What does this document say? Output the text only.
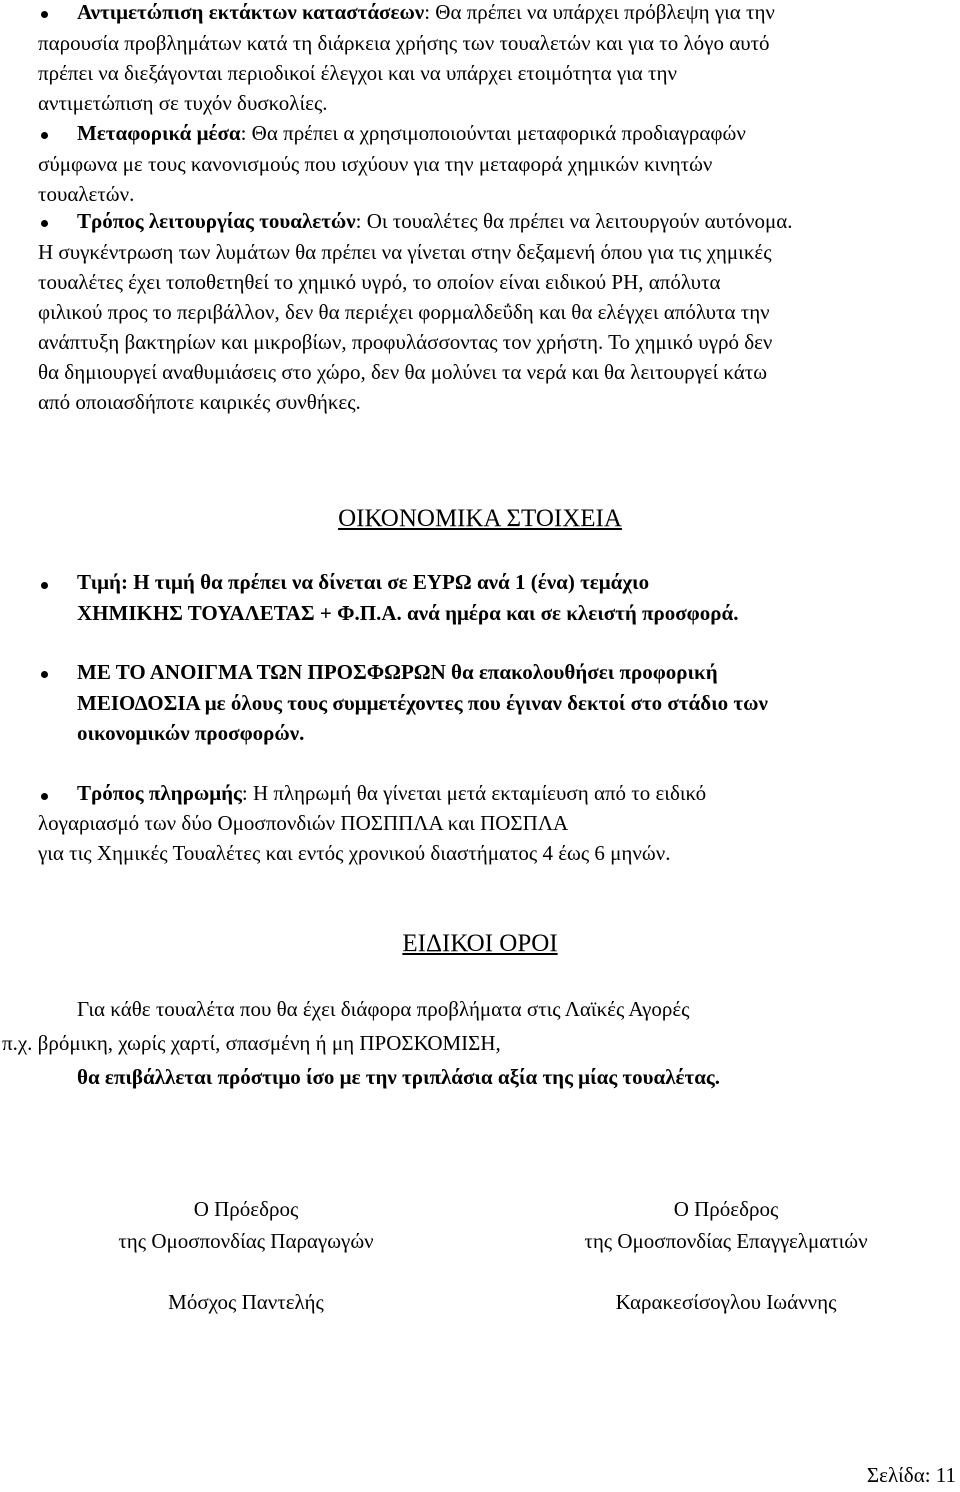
Αντιμετώπιση εκτάκτων καταστάσεων: Θα πρέπει να υπάρχει πρόβλεψη για την
παρουσία προβλημάτων κατά τη διάρκεια χρήσης των τουαλετών και για το λόγο αυτό
πρέπει να διεξάγονται περιοδικοί έλεγχοι και να υπάρχει ετοιμότητα για την
αντιμετώπιση σε τυχόν δυσκολίες.
Μεταφορικά μέσα: Θα πρέπει α χρησιμοποιούνται μεταφορικά προδιαγραφών
σύμφωνα με τους κανονισμούς που ισχύουν για την μεταφορά χημικών κινητών
τουαλετών.
Τρόπος λειτουργίας τουαλετών: Οι τουαλέτες θα πρέπει να λειτουργούν αυτόνομα.
Η συγκέντρωση των λυμάτων θα πρέπει να γίνεται στην δεξαμενή όπου για τις χημικές
τουαλέτες έχει τοποθετηθεί το χημικό υγρό, το οποίον είναι ειδικού PH, απόλυτα
φιλικού προς το περιβάλλον, δεν θα περιέχει φορμαλδεΰδη και θα ελέγχει απόλυτα την
ανάπτυξη βακτηρίων και μικροβίων, προφυλάσσοντας τον χρήστη. Το χημικό υγρό δεν
θα δημιουργεί αναθυμιάσεις στο χώρο, δεν θα μολύνει τα νερά και θα λειτουργεί κάτω
από οποιασδήποτε καιρικές συνθήκες.
ΟΙΚΟΝΟΜΙΚΑ ΣΤΟΙΧΕΙΑ
Τιμή: Η τιμή θα πρέπει να δίνεται σε ΕΥΡΩ ανά 1 (ένα) τεμάχιο
ΧΗΜΙΚΗΣ ΤΟΥΑΛΕΤΑΣ + Φ.Π.Α. ανά ημέρα και σε κλειστή προσφορά.
ΜΕ ΤΟ ΑΝΟΙΓΜΑ ΤΩΝ ΠΡΟΣΦΩΡΩΝ θα επακολουθήσει προφορική
ΜΕΙΟΔΟΣΙΑ με όλους τους συμμετέχοντες που έγιναν δεκτοί στο στάδιο των
οικονομικών προσφορών.
Τρόπος πληρωμής: Η πληρωμή θα γίνεται μετά εκταμίευση από το ειδικό
λογαριασμό των δύο Ομοσπονδιών ΠΟΣΠΠΛΑ και ΠΟΣΠΛΑ
για τις Χημικές Τουαλέτες και εντός χρονικού διαστήματος 4 έως 6 μηνών.
ΕΙΔΙΚΟΙ ΟΡΟΙ
Για κάθε τουαλέτα που θα έχει διάφορα προβλήματα στις Λαϊκές Αγορές
π.χ. βρόμικη, χωρίς χαρτί, σπασμένη ή μη ΠΡΟΣΚΟΜΙΣΗ,
θα επιβάλλεται πρόστιμο ίσο με την τριπλάσια αξία της μίας τουαλέτας.
Ο Πρόεδρος
της Ομοσπονδίας Παραγωγών
Μόσχος Παντελής
Ο Πρόεδρος
της Ομοσπονδίας Επαγγελματιών
Καρακεσίσογλου Ιωάννης
Σελίδα: 11
